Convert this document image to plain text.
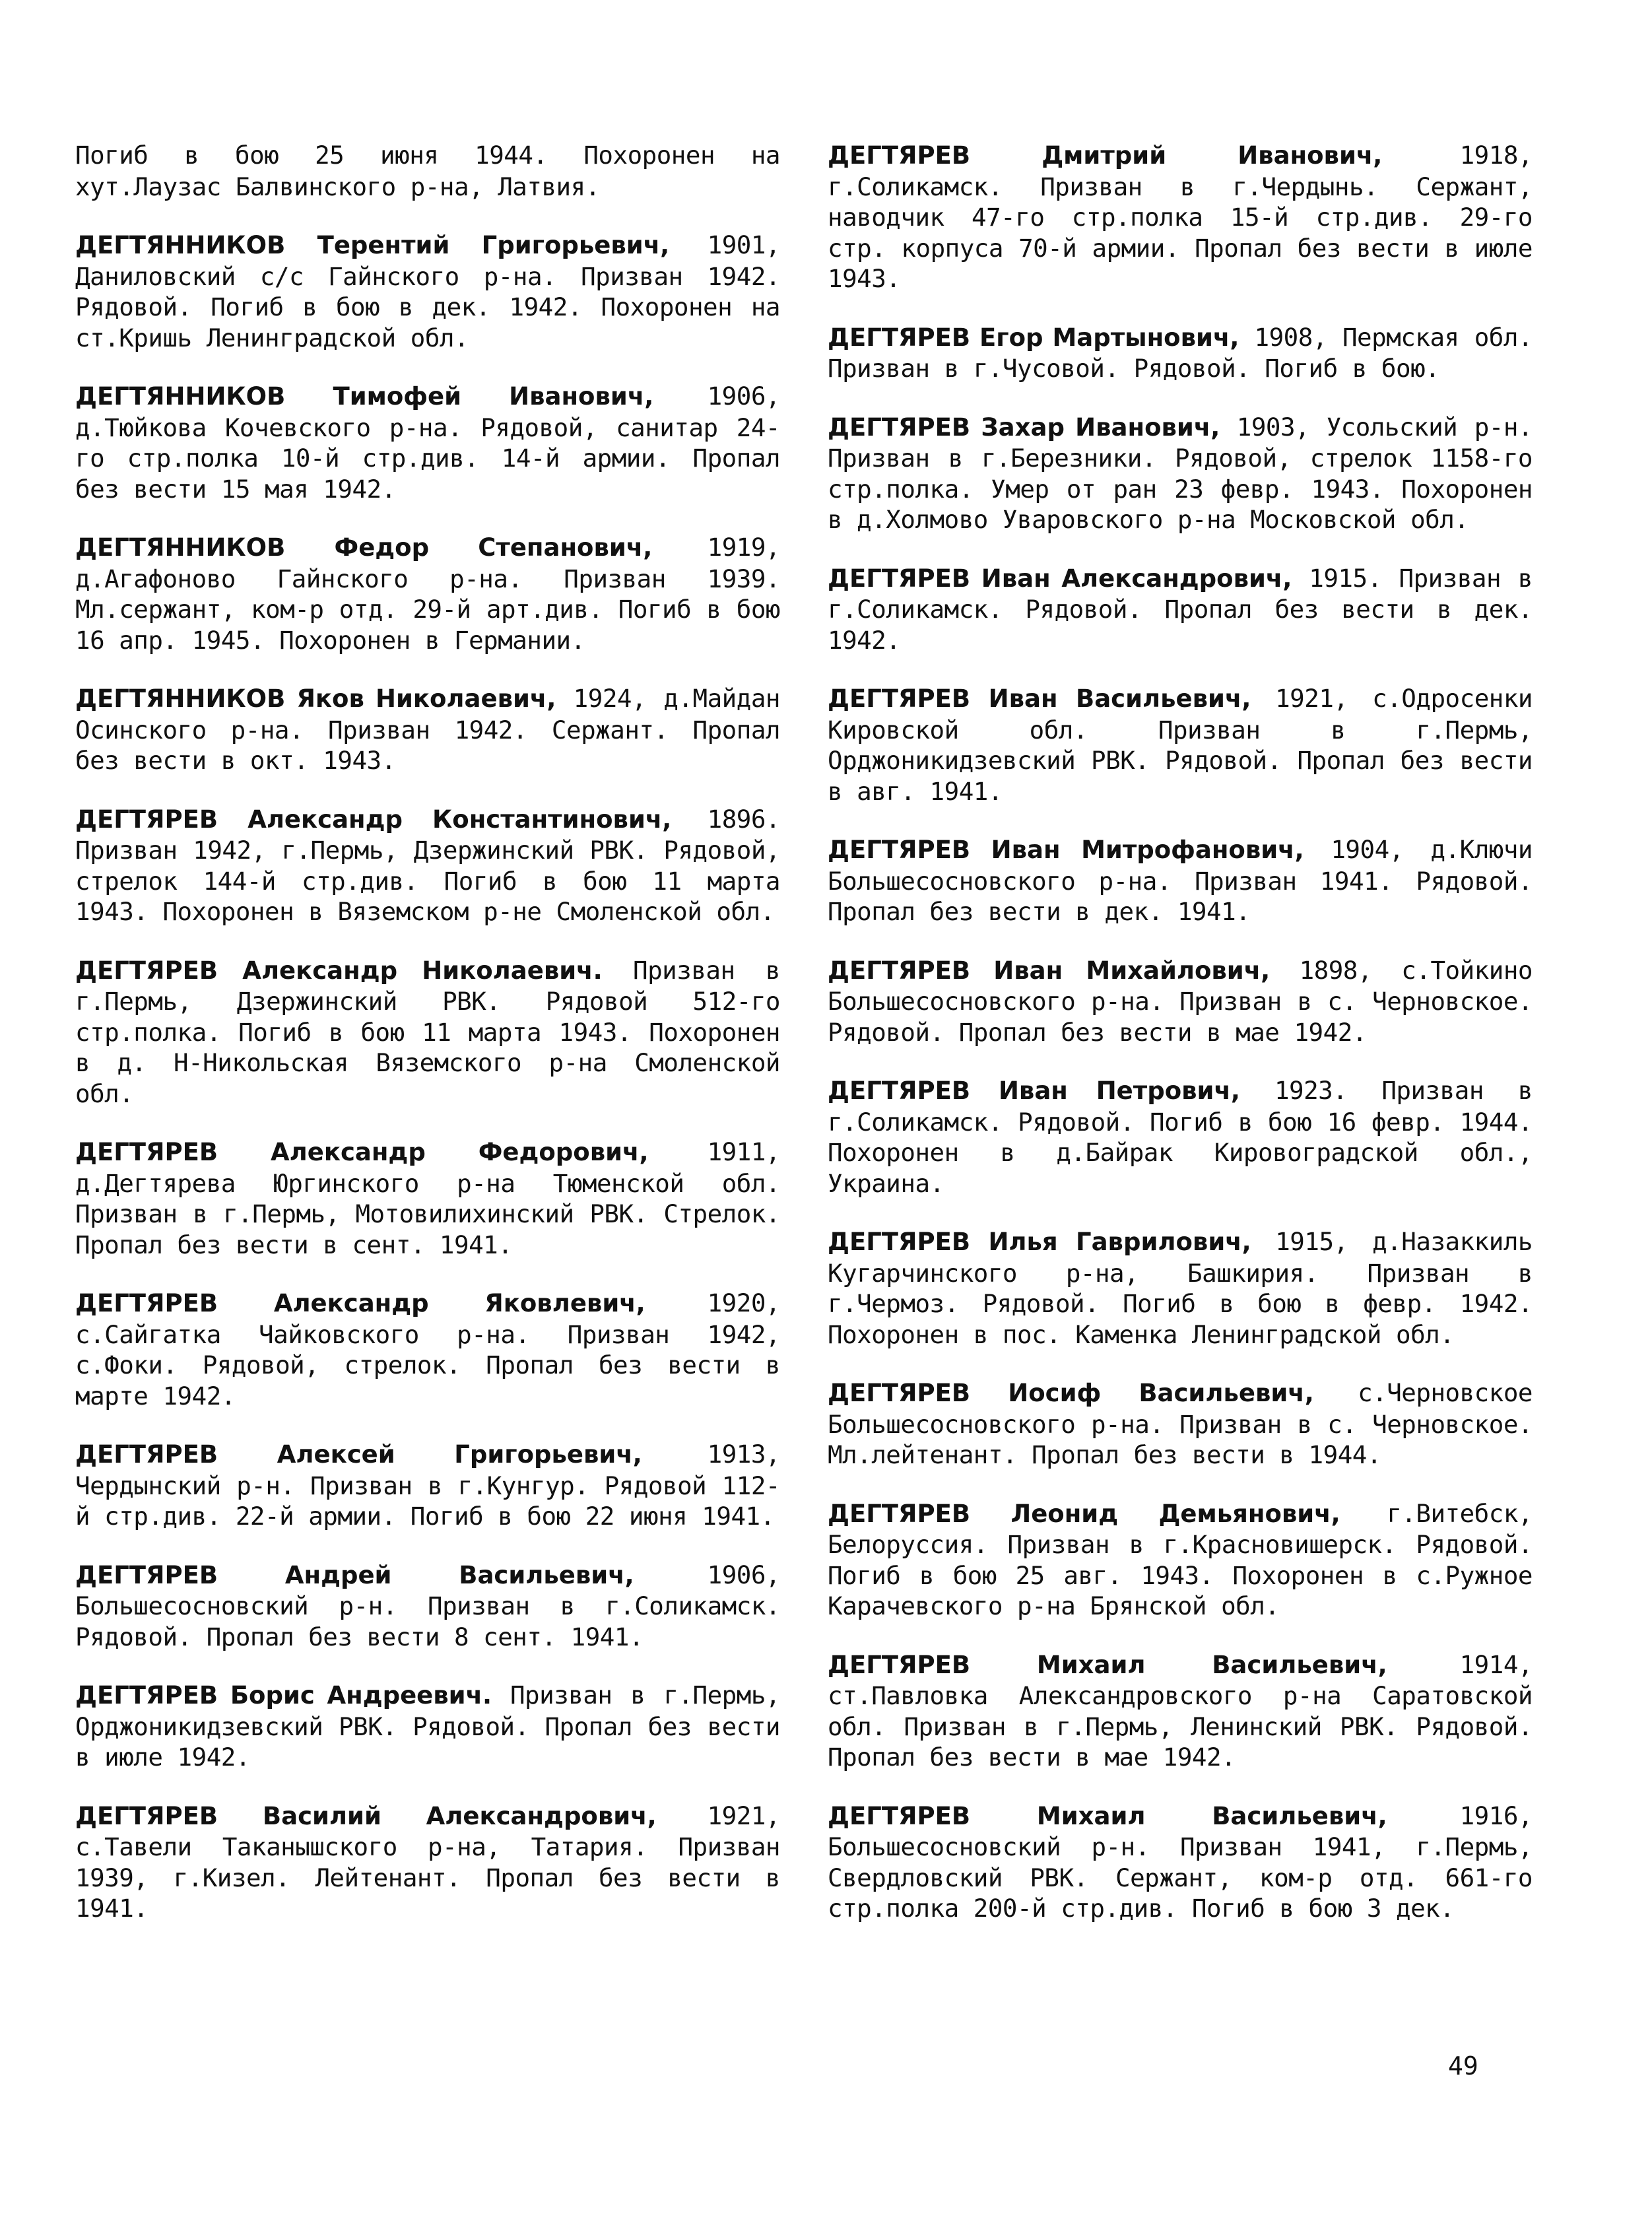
Погиб в бою 25 июня 1944. Похоронен на хут.Лаузас Балвинского р-на, Латвия.

ДЕГТЯННИКОВ Терентий Григорьевич, 1901, Даниловский с/с Гайнского р-на. Призван 1942. Рядовой. Погиб в бою в дек. 1942. Похоронен на ст.Кришь Ленинградской обл.

ДЕГТЯННИКОВ Тимофей Иванович, 1906, д.Тюйкова Кочевского р-на. Рядовой, санитар 24-го стр.полка 10-й стр.див. 14-й армии. Пропал без вести 15 мая 1942.

ДЕГТЯННИКОВ Федор Степанович, 1919, д.Агафоново Гайнского р-на. Призван 1939. Мл.сержант, ком-р отд. 29-й арт.див. Погиб в бою 16 апр. 1945. Похоронен в Германии.

ДЕГТЯННИКОВ Яков Николаевич, 1924, д.Майдан Осинского р-на. Призван 1942. Сержант. Пропал без вести в окт. 1943.

ДЕГТЯРЕВ Александр Константинович, 1896. Призван 1942, г.Пермь, Дзержинский РВК. Рядовой, стрелок 144-й стр.див. Погиб в бою 11 марта 1943. Похоронен в Вяземском р-не Смоленской обл.

ДЕГТЯРЕВ Александр Николаевич. Призван в г.Пермь, Дзержинский РВК. Рядовой 512-го стр.полка. Погиб в бою 11 марта 1943. Похоронен в д. Н-Никольская Вяземского р-на Смоленской обл.

ДЕГТЯРЕВ Александр Федорович, 1911, д.Дегтярева Юргинского р-на Тюменской обл. Призван в г.Пермь, Мотовилихинский РВК. Стрелок. Пропал без вести в сент. 1941.

ДЕГТЯРЕВ Александр Яковлевич, 1920, с.Сайгатка Чайковского р-на. Призван 1942, с.Фоки. Рядовой, стрелок. Пропал без вести в марте 1942.

ДЕГТЯРЕВ Алексей Григорьевич, 1913, Чердынский р-н. Призван в г.Кунгур. Рядовой 112-й стр.див. 22-й армии. Погиб в бою 22 июня 1941.

ДЕГТЯРЕВ Андрей Васильевич, 1906, Большесосновский р-н. Призван в г.Соликамск. Рядовой. Пропал без вести 8 сент. 1941.

ДЕГТЯРЕВ Борис Андреевич. Призван в г.Пермь, Орджоникидзевский РВК. Рядовой. Пропал без вести в июле 1942.

ДЕГТЯРЕВ Василий Александрович, 1921, с.Тавели Таканышского р-на, Татария. Призван 1939, г.Кизел. Лейтенант. Пропал без вести в 1941.

ДЕГТЯРЕВ Дмитрий Иванович, 1918, г.Соликамск. Призван в г.Чердынь. Сержант, наводчик 47-го стр.полка 15-й стр.див. 29-го стр. корпуса 70-й армии. Пропал без вести в июле 1943.

ДЕГТЯРЕВ Егор Мартынович, 1908, Пермская обл. Призван в г.Чусовой. Рядовой. Погиб в бою.

ДЕГТЯРЕВ Захар Иванович, 1903, Усольский р-н. Призван в г.Березники. Рядовой, стрелок 1158-го стр.полка. Умер от ран 23 февр. 1943. Похоронен в д.Холмово Уваровского р-на Московской обл.

ДЕГТЯРЕВ Иван Александрович, 1915. Призван в г.Соликамск. Рядовой. Пропал без вести в дек. 1942.

ДЕГТЯРЕВ Иван Васильевич, 1921, с.Одросенки Кировской обл. Призван в г.Пермь, Орджоникидзевский РВК. Рядовой. Пропал без вести в авг. 1941.

ДЕГТЯРЕВ Иван Митрофанович, 1904, д.Ключи Большесосновского р-на. Призван 1941. Рядовой. Пропал без вести в дек. 1941.

ДЕГТЯРЕВ Иван Михайлович, 1898, с.Тойкино Большесосновского р-на. Призван в с. Черновское. Рядовой. Пропал без вести в мае 1942.

ДЕГТЯРЕВ Иван Петрович, 1923. Призван в г.Соликамск. Рядовой. Погиб в бою 16 февр. 1944. Похоронен в д.Байрак Кировоградской обл., Украина.

ДЕГТЯРЕВ Илья Гаврилович, 1915, д.Назаккиль Кугарчинского р-на, Башкирия. Призван в г.Чермоз. Рядовой. Погиб в бою в февр. 1942. Похоронен в пос. Каменка Ленинградской обл.

ДЕГТЯРЕВ Иосиф Васильевич, с.Черновское Большесосновского р-на. Призван в с. Черновское. Мл.лейтенант. Пропал без вести в 1944.

ДЕГТЯРЕВ Леонид Демьянович, г.Витебск, Белоруссия. Призван в г.Красновишерск. Рядовой. Погиб в бою 25 авг. 1943. Похоронен в с.Ружное Карачевского р-на Брянской обл.

ДЕГТЯРЕВ Михаил Васильевич, 1914, ст.Павловка Александровского р-на Саратовской обл. Призван в г.Пермь, Ленинский РВК. Рядовой. Пропал без вести в мае 1942.

ДЕГТЯРЕВ Михаил Васильевич, 1916, Большесосновский р-н. Призван 1941, г.Пермь, Свердловский РВК. Сержант, ком-р отд. 661-го стр.полка 200-й стр.див. Погиб в бою 3 дек.

49
